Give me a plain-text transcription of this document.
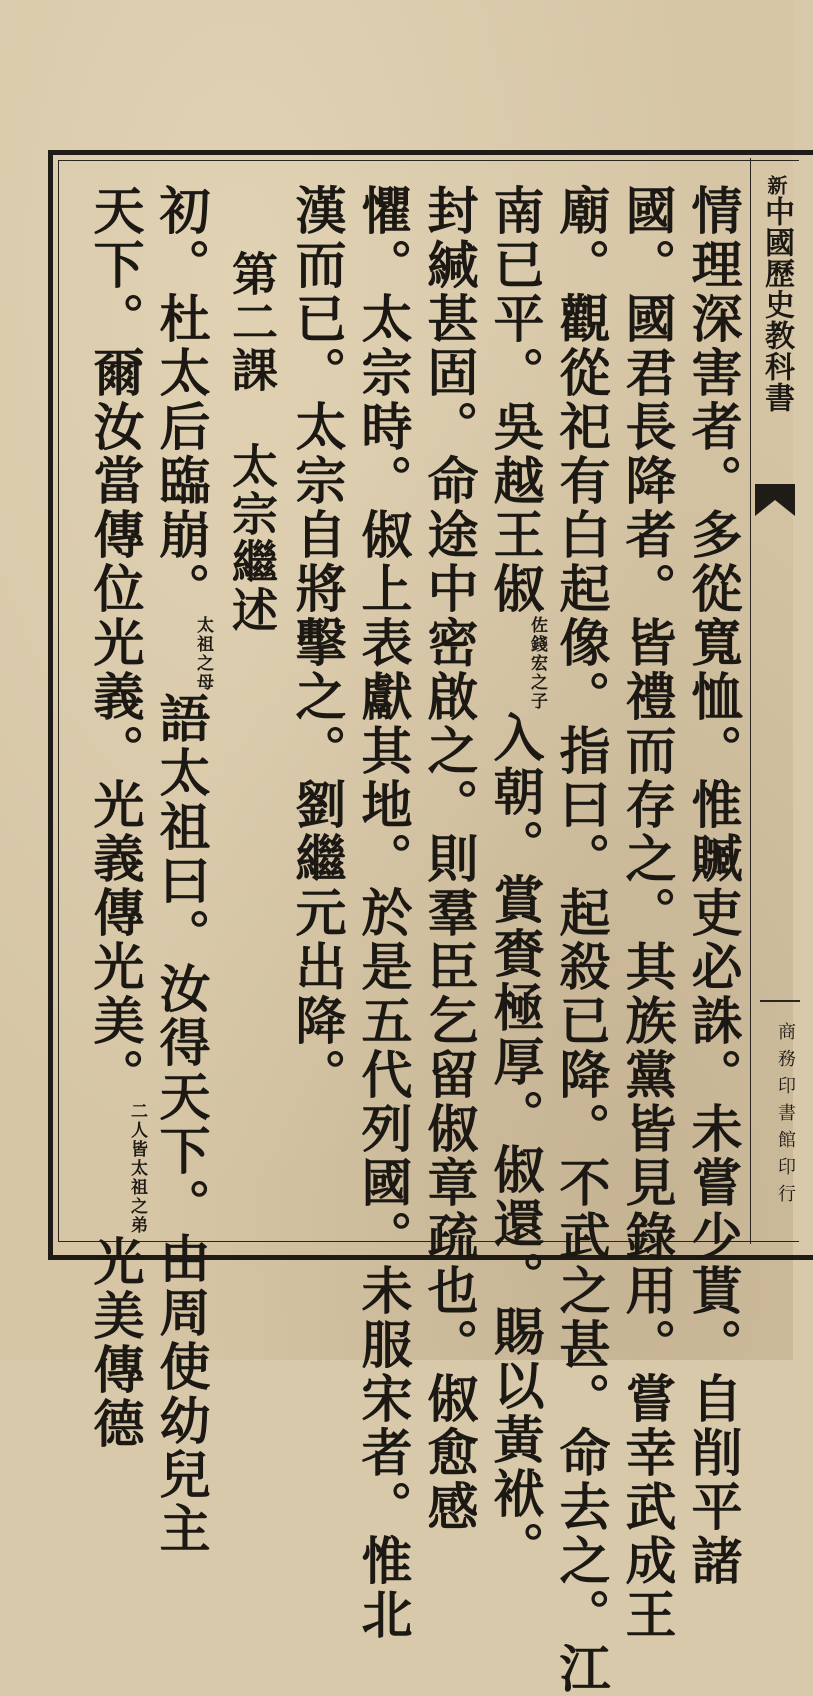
新中國歷史教科書
商務印書館印行
情理深害者。多從寬恤。惟贓吏必誅。未嘗少貰。自削平諸
國。國君長降者。皆禮而存之。其族黨皆見錄用。嘗幸武成王
廟。觀從祀有白起像。指曰。起殺已降。不武之甚。命去之。江
南已平。吳越王俶佐錢宏之子入朝。賞賚極厚。俶還。賜以黃袱。
封緘甚固。命途中密啟之。則羣臣乞留俶章疏也。俶愈感
懼。太宗時。俶上表獻其地。於是五代列國。未服宋者。惟北
漢而已。太宗自將擊之。劉繼元出降。
第二課　太宗繼述
初。杜太后臨崩。太祖之母語太祖曰。汝得天下。由周使幼兒主
天下。爾汝當傳位光義。光義傳光美。二人皆太祖之弟光美傳德
